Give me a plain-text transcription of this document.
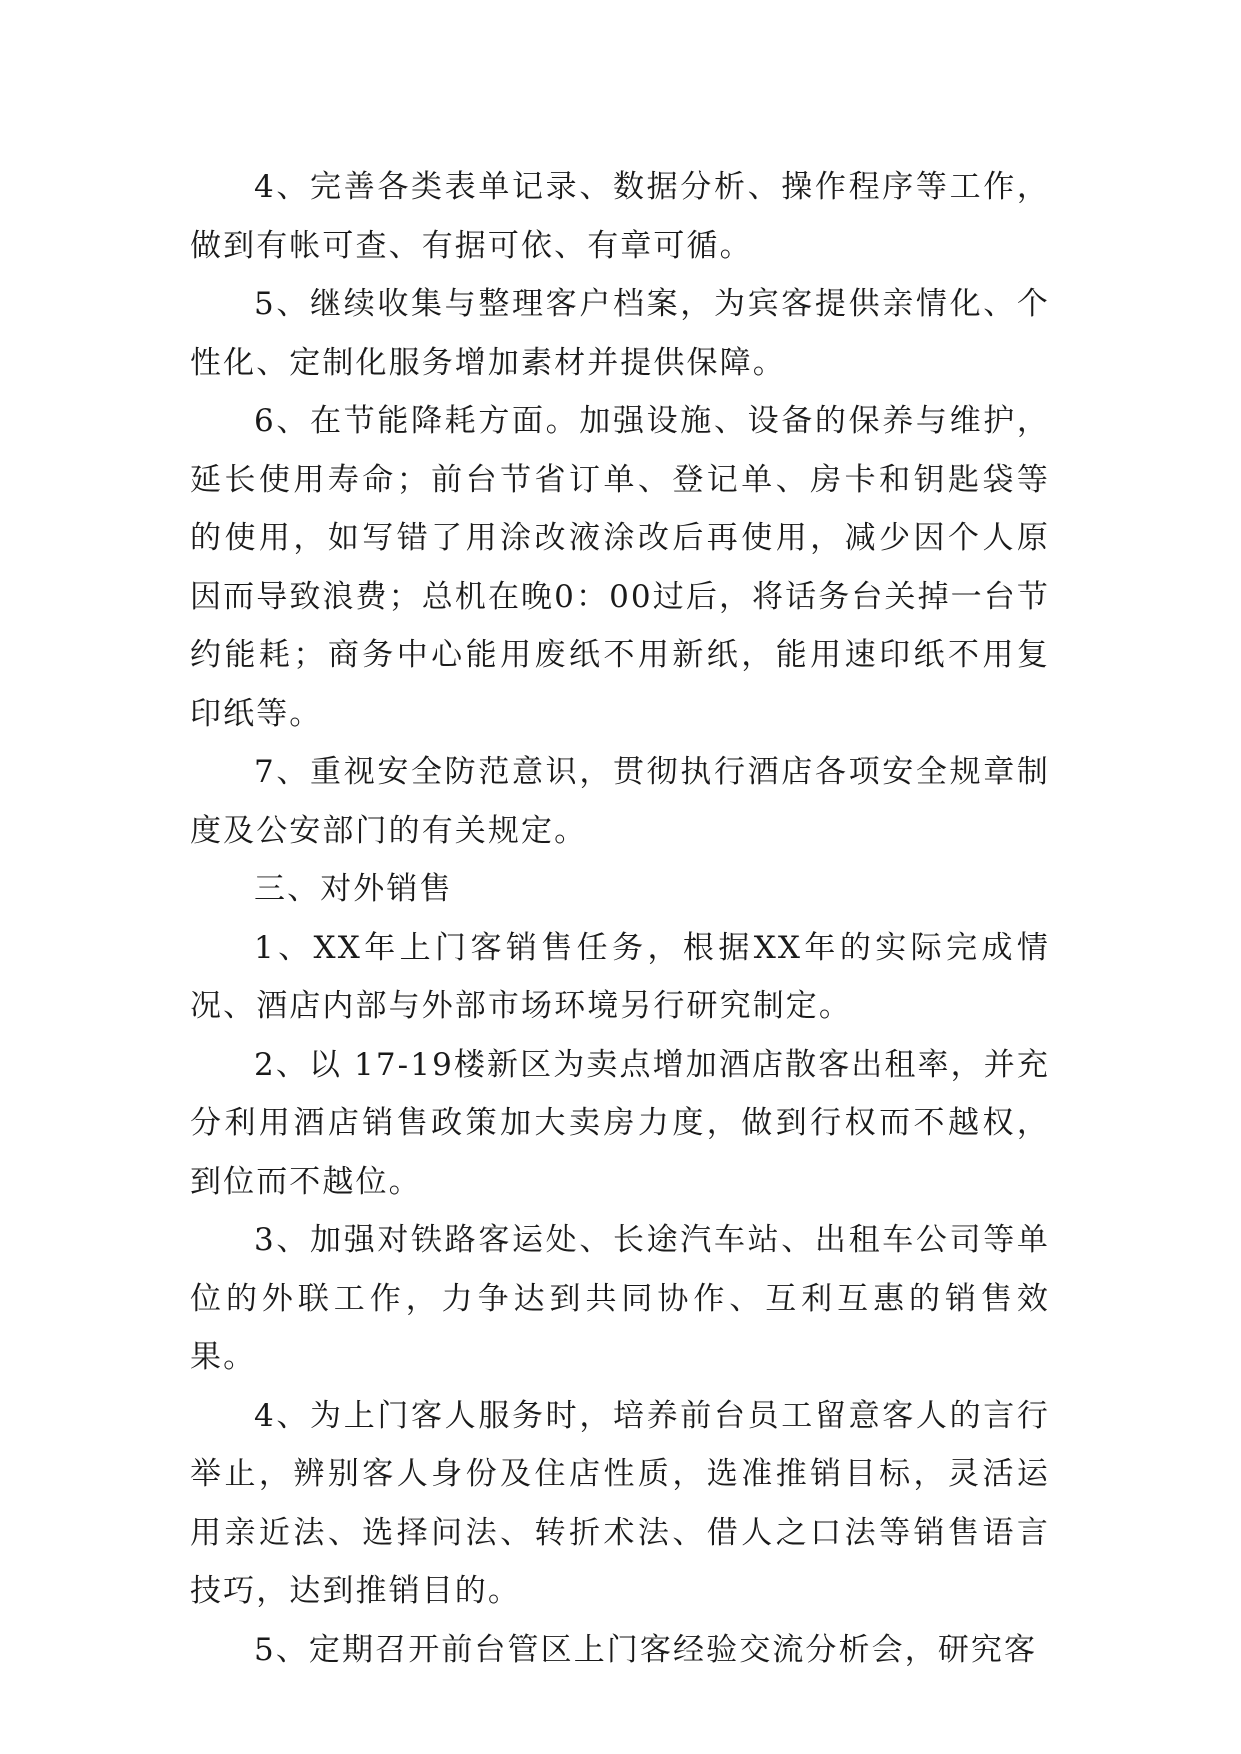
4、完善各类表单记录、数据分析、操作程序等工作，做到有帐可查、有据可依、有章可循。

5、继续收集与整理客户档案，为宾客提供亲情化、个性化、定制化服务增加素材并提供保障。

6、在节能降耗方面。加强设施、设备的保养与维护，延长使用寿命；前台节省订单、登记单、房卡和钥匙袋等的使用，如写错了用涂改液涂改后再使用，减少因个人原因而导致浪费；总机在晚0：00过后，将话务台关掉一台节约能耗；商务中心能用废纸不用新纸，能用速印纸不用复印纸等。

7、重视安全防范意识，贯彻执行酒店各项安全规章制度及公安部门的有关规定。

三、对外销售

1、XX年上门客销售任务，根据XX年的实际完成情况、酒店内部与外部市场环境另行研究制定。

2、以 17-19楼新区为卖点增加酒店散客出租率，并充分利用酒店销售政策加大卖房力度，做到行权而不越权，到位而不越位。

3、加强对铁路客运处、长途汽车站、出租车公司等单位的外联工作，力争达到共同协作、互利互惠的销售效果。

4、为上门客人服务时，培养前台员工留意客人的言行举止，辨别客人身份及住店性质，选准推销目标，灵活运用亲近法、选择问法、转折术法、借人之口法等销售语言技巧，达到推销目的。

5、定期召开前台管区上门客经验交流分析会，研究客
